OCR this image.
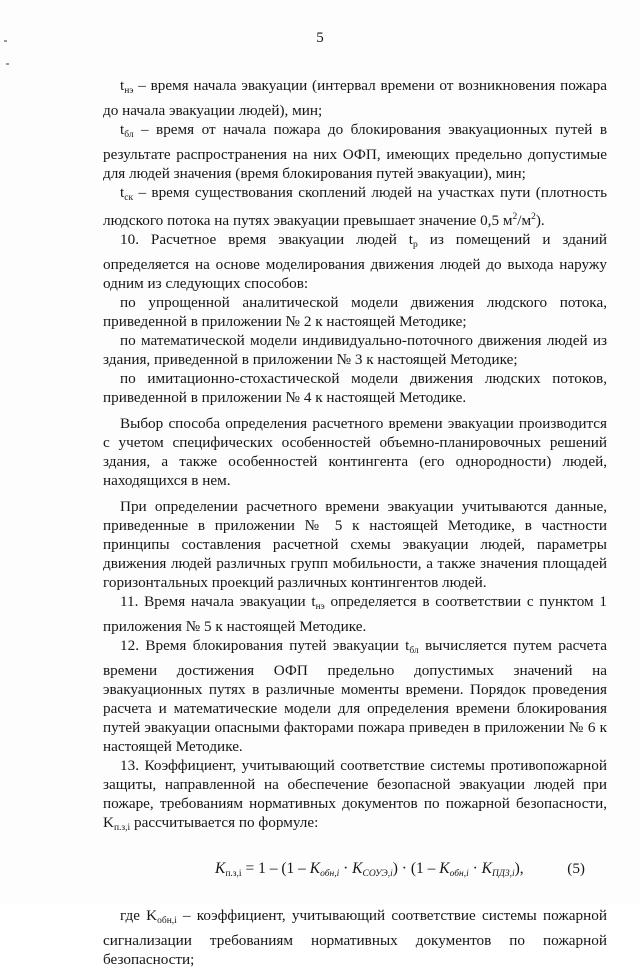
5

$t_{нэ}$ – время начала эвакуации (интервал времени от возникновения пожара до начала эвакуации людей), мин;

$t_{бл}$ – время от начала пожара до блокирования эвакуационных путей в результате распространения на них ОФП, имеющих предельно допустимые для людей значения (время блокирования путей эвакуации), мин;

$t_{ск}$ – время существования скоплений людей на участках пути (плотность людского потока на путях эвакуации превышает значение 0,5 $м^2/м^2$).

10. Расчетное время эвакуации людей $t_р$ из помещений и зданий определяется на основе моделирования движения людей до выхода наружу одним из следующих способов:

по упрощенной аналитической модели движения людского потока, приведенной в приложении № 2 к настоящей Методике;

по математической модели индивидуально-поточного движения людей из здания, приведенной в приложении № 3 к настоящей Методике;

по имитационно-стохастической модели движения людских потоков, приведенной в приложении № 4 к настоящей Методике.

Выбор способа определения расчетного времени эвакуации производится с учетом специфических особенностей объемно-планировочных решений здания, а также особенностей контингента (его однородности) людей, находящихся в нем.

При определении расчетного времени эвакуации учитываются данные, приведенные в приложении № 5 к настоящей Методике, в частности принципы составления расчетной схемы эвакуации людей, параметры движения людей различных групп мобильности, а также значения площадей горизонтальных проекций различных контингентов людей.

11. Время начала эвакуации $t_{нэ}$ определяется в соответствии с пунктом 1 приложения № 5 к настоящей Методике.

12. Время блокирования путей эвакуации $t_{бл}$ вычисляется путем расчета времени достижения ОФП предельно допустимых значений на эвакуационных путях в различные моменты времени. Порядок проведения расчета и математические модели для определения времени блокирования путей эвакуации опасными факторами пожара приведен в приложении № 6 к настоящей Методике.

13. Коэффициент, учитывающий соответствие системы противопожарной защиты, направленной на обеспечение безопасной эвакуации людей при пожаре, требованиям нормативных документов по пожарной безопасности, $K_{п.з,i}$ рассчитывается по формуле:

$K_{п.з,i} = 1 - (1 - K_{обн,i} \cdot K_{СОУЭ,i}) \cdot (1 - K_{обн,i} \cdot K_{ПДЗ,i})$,	(5)

где $K_{обн,i}$ – коэффициент, учитывающий соответствие системы пожарной сигнализации требованиям нормативных документов по пожарной безопасности;
